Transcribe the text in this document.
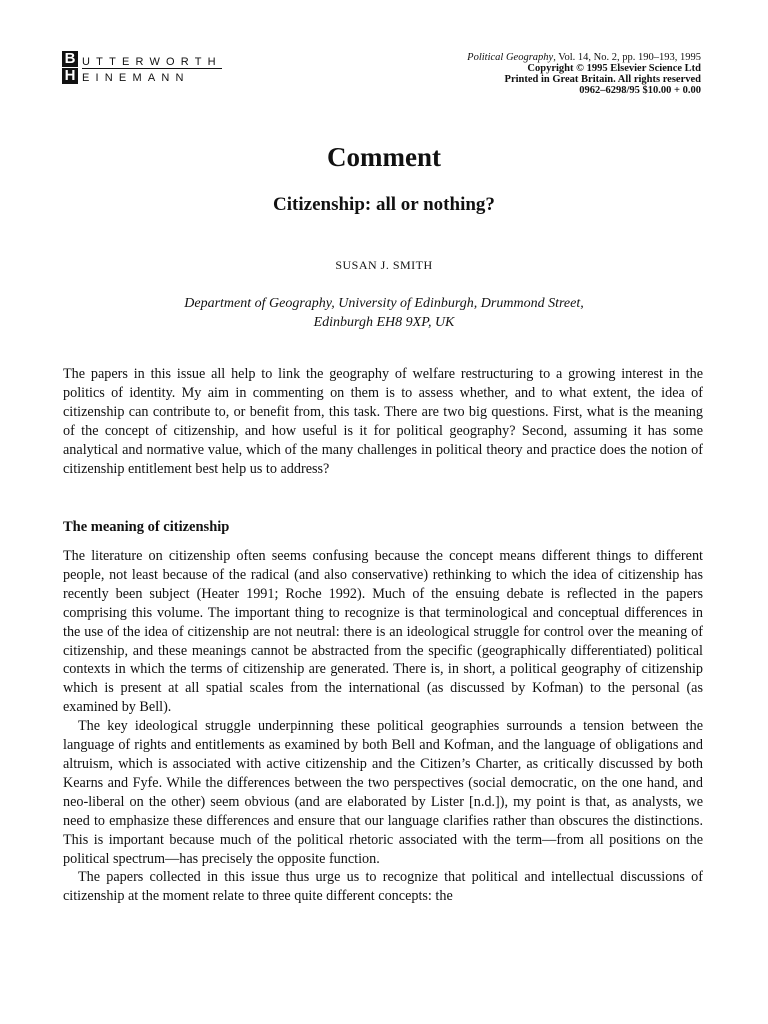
B UTTERWORTH
H EINEMANN
Political Geography, Vol. 14, No. 2, pp. 190–193, 1995
Copyright © 1995 Elsevier Science Ltd
Printed in Great Britain. All rights reserved
0962–6298/95 $10.00 + 0.00
Comment
Citizenship: all or nothing?
SUSAN J. SMITH
Department of Geography, University of Edinburgh, Drummond Street,
Edinburgh EH8 9XP, UK

The papers in this issue all help to link the geography of welfare restructuring to a growing interest in the politics of identity. My aim in commenting on them is to assess whether, and to what extent, the idea of citizenship can contribute to, or benefit from, this task. There are two big questions. First, what is the meaning of the concept of citizenship, and how useful is it for political geography? Second, assuming it has some analytical and normative value, which of the many challenges in political theory and practice does the notion of citizenship entitlement best help us to address?

The meaning of citizenship

The literature on citizenship often seems confusing because the concept means different things to different people, not least because of the radical (and also conservative) rethinking to which the idea of citizenship has recently been subject (Heater 1991; Roche 1992). Much of the ensuing debate is reflected in the papers comprising this volume. The important thing to recognize is that terminological and conceptual differences in the use of the idea of citizenship are not neutral: there is an ideological struggle for control over the meaning of citizenship, and these meanings cannot be abstracted from the specific (geographically differentiated) political contexts in which the terms of citizenship are generated. There is, in short, a political geography of citizenship which is present at all spatial scales from the international (as discussed by Kofman) to the personal (as examined by Bell).

The key ideological struggle underpinning these political geographies surrounds a tension between the language of rights and entitlements as examined by both Bell and Kofman, and the language of obligations and altruism, which is associated with active citizenship and the Citizen’s Charter, as critically discussed by both Kearns and Fyfe. While the differences between the two perspectives (social democratic, on the one hand, and neo-liberal on the other) seem obvious (and are elaborated by Lister [n.d.]), my point is that, as analysts, we need to emphasize these differences and ensure that our language clarifies rather than obscures the distinctions. This is important because much of the political rhetoric associated with the term—from all positions on the political spectrum—has precisely the opposite function.

The papers collected in this issue thus urge us to recognize that political and intellectual discussions of citizenship at the moment relate to three quite different concepts: the
